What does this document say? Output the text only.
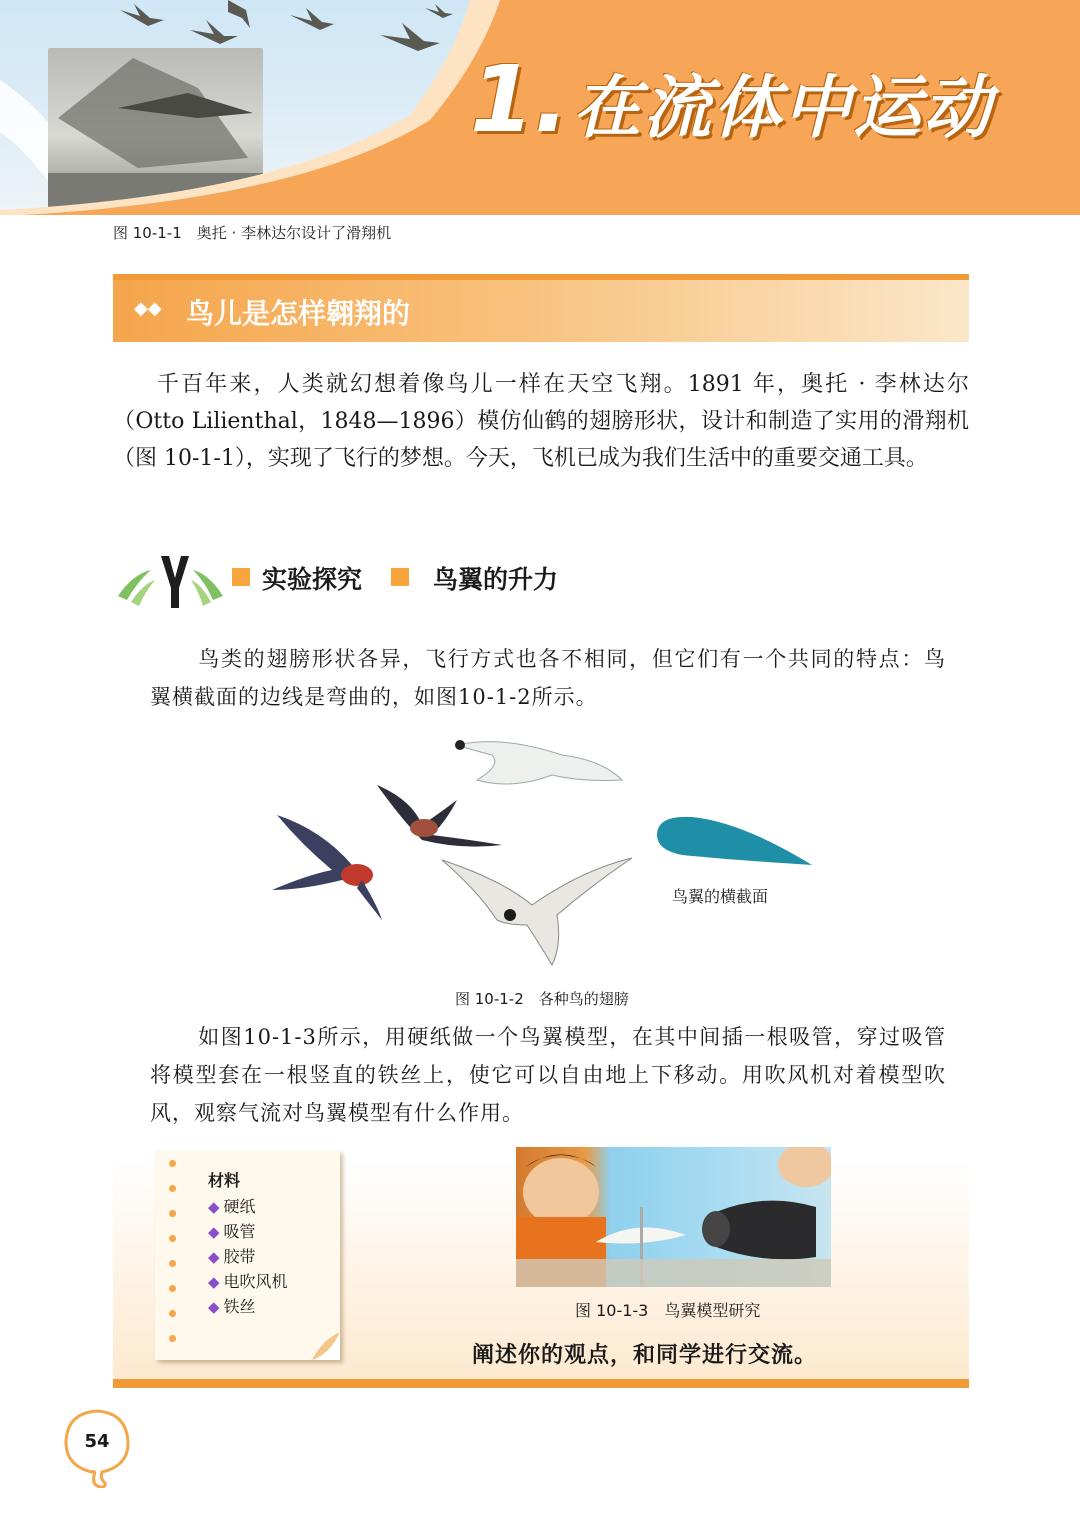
1. 在流体中运动
图 10-1-1　奥托 · 李林达尔设计了滑翔机
◆◆ 鸟儿是怎样翱翔的
千百年来，人类就幻想着像鸟儿一样在天空飞翔。1891 年，奥托 · 李林达尔（Otto Lilienthal，1848—1896）模仿仙鹤的翅膀形状，设计和制造了实用的滑翔机（图 10-1-1），实现了飞行的梦想。今天，飞机已成为我们生活中的重要交通工具。
实验探究	鸟翼的升力
鸟类的翅膀形状各异，飞行方式也各不相同，但它们有一个共同的特点：鸟翼横截面的边线是弯曲的，如图10-1-2所示。
鸟翼的横截面
图 10-1-2　各种鸟的翅膀
如图10-1-3所示，用硬纸做一个鸟翼模型，在其中间插一根吸管，穿过吸管将模型套在一根竖直的铁丝上，使它可以自由地上下移动。用吹风机对着模型吹风，观察气流对鸟翼模型有什么作用。
材料
◆ 硬纸
◆ 吸管
◆ 胶带
◆ 电吹风机
◆ 铁丝	图 10-1-3　鸟翼模型研究
阐述你的观点，和同学进行交流。
54
